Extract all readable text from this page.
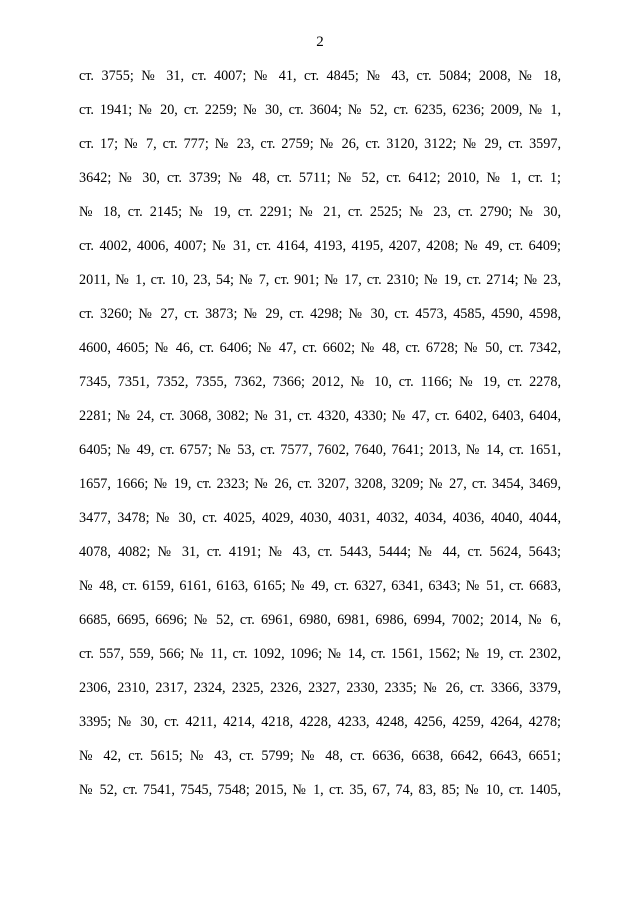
2
ст. 3755; № 31, ст. 4007; № 41, ст. 4845; № 43, ст. 5084; 2008, № 18,
ст. 1941; № 20, ст. 2259; № 30, ст. 3604; № 52, ст. 6235, 6236; 2009, № 1,
ст. 17; № 7, ст. 777; № 23, ст. 2759; № 26, ст. 3120, 3122; № 29, ст. 3597,
3642; № 30, ст. 3739; № 48, ст. 5711; № 52, ст. 6412; 2010, № 1, ст. 1;
№ 18, ст. 2145; № 19, ст. 2291; № 21, ст. 2525; № 23, ст. 2790; № 30,
ст. 4002, 4006, 4007; № 31, ст. 4164, 4193, 4195, 4207, 4208; № 49, ст. 6409;
2011, № 1, ст. 10, 23, 54; № 7, ст. 901; № 17, ст. 2310; № 19, ст. 2714; № 23,
ст. 3260; № 27, ст. 3873; № 29, ст. 4298; № 30, ст. 4573, 4585, 4590, 4598,
4600, 4605; № 46, ст. 6406; № 47, ст. 6602; № 48, ст. 6728; № 50, ст. 7342,
7345, 7351, 7352, 7355, 7362, 7366; 2012, № 10, ст. 1166; № 19, ст. 2278,
2281; № 24, ст. 3068, 3082; № 31, ст. 4320, 4330; № 47, ст. 6402, 6403, 6404,
6405; № 49, ст. 6757; № 53, ст. 7577, 7602, 7640, 7641; 2013, № 14, ст. 1651,
1657, 1666; № 19, ст. 2323; № 26, ст. 3207, 3208, 3209; № 27, ст. 3454, 3469,
3477, 3478; № 30, ст. 4025, 4029, 4030, 4031, 4032, 4034, 4036, 4040, 4044,
4078, 4082; № 31, ст. 4191; № 43, ст. 5443, 5444; № 44, ст. 5624, 5643;
№ 48, ст. 6159, 6161, 6163, 6165; № 49, ст. 6327, 6341, 6343; № 51, ст. 6683,
6685, 6695, 6696; № 52, ст. 6961, 6980, 6981, 6986, 6994, 7002; 2014, № 6,
ст. 557, 559, 566; № 11, ст. 1092, 1096; № 14, ст. 1561, 1562; № 19, ст. 2302,
2306, 2310, 2317, 2324, 2325, 2326, 2327, 2330, 2335; № 26, ст. 3366, 3379,
3395; № 30, ст. 4211, 4214, 4218, 4228, 4233, 4248, 4256, 4259, 4264, 4278;
№ 42, ст. 5615; № 43, ст. 5799; № 48, ст. 6636, 6638, 6642, 6643, 6651;
№ 52, ст. 7541, 7545, 7548; 2015, № 1, ст. 35, 67, 74, 83, 85; № 10, ст. 1405,
